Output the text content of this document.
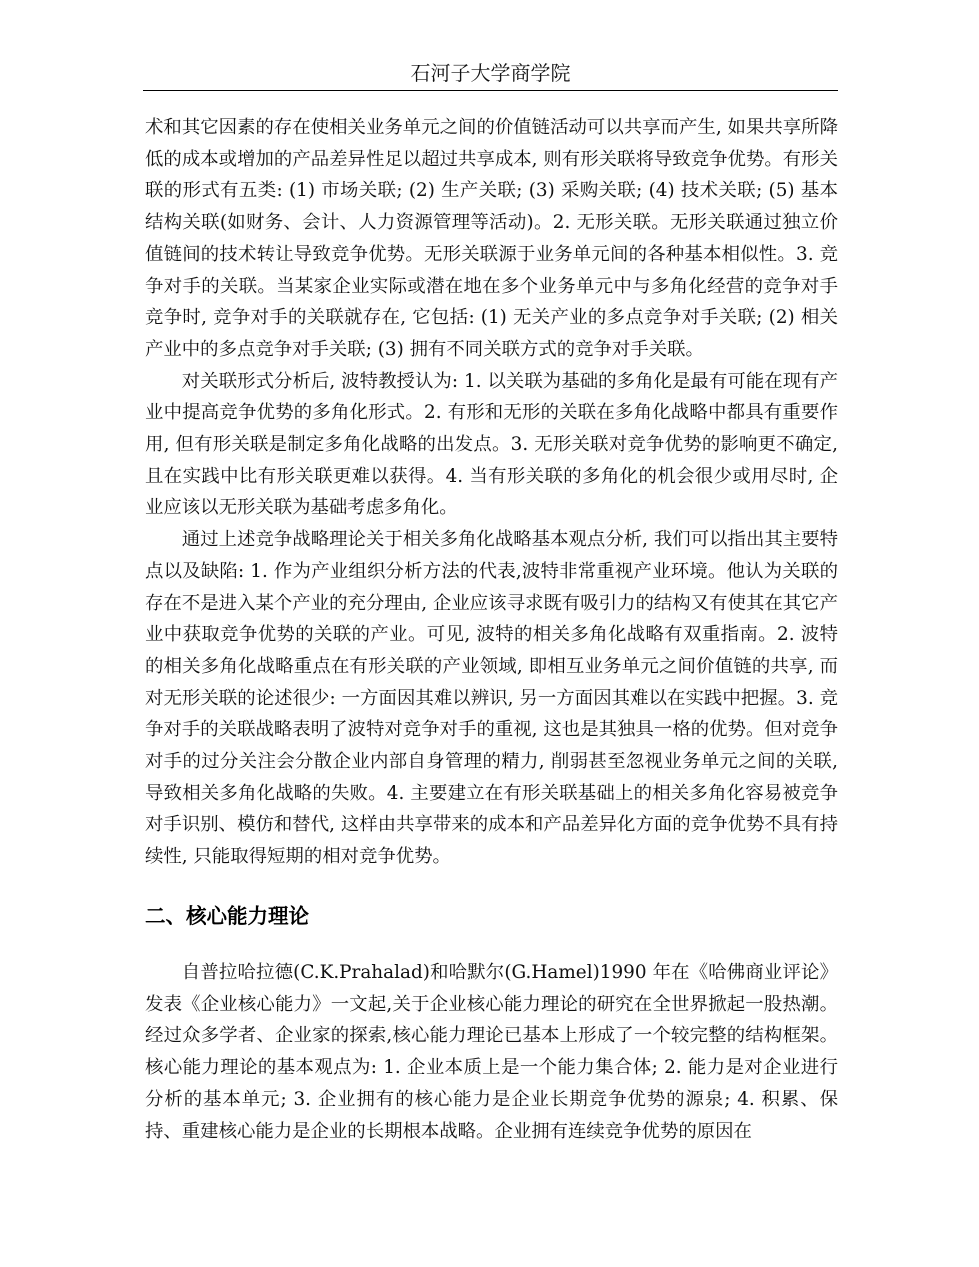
石河子大学商学院

术和其它因素的存在使相关业务单元之间的价值链活动可以共享而产生, 如果共享所降低的成本或增加的产品差异性足以超过共享成本, 则有形关联将导致竞争优势。有形关联的形式有五类: (1) 市场关联; (2) 生产关联; (3) 采购关联; (4) 技术关联; (5) 基本结构关联(如财务、会计、人力资源管理等活动)。2. 无形关联。无形关联通过独立价值链间的技术转让导致竞争优势。无形关联源于业务单元间的各种基本相似性。3. 竞争对手的关联。当某家企业实际或潜在地在多个业务单元中与多角化经营的竞争对手竞争时, 竞争对手的关联就存在, 它包括: (1) 无关产业的多点竞争对手关联; (2) 相关产业中的多点竞争对手关联; (3) 拥有不同关联方式的竞争对手关联。

对关联形式分析后, 波特教授认为: 1. 以关联为基础的多角化是最有可能在现有产业中提高竞争优势的多角化形式。2. 有形和无形的关联在多角化战略中都具有重要作用, 但有形关联是制定多角化战略的出发点。3. 无形关联对竞争优势的影响更不确定, 且在实践中比有形关联更难以获得。4. 当有形关联的多角化的机会很少或用尽时, 企业应该以无形关联为基础考虑多角化。

通过上述竞争战略理论关于相关多角化战略基本观点分析, 我们可以指出其主要特点以及缺陷: 1. 作为产业组织分析方法的代表,波特非常重视产业环境。他认为关联的存在不是进入某个产业的充分理由, 企业应该寻求既有吸引力的结构又有使其在其它产业中获取竞争优势的关联的产业。可见, 波特的相关多角化战略有双重指南。2. 波特的相关多角化战略重点在有形关联的产业领域, 即相互业务单元之间价值链的共享, 而对无形关联的论述很少: 一方面因其难以辨识, 另一方面因其难以在实践中把握。3. 竞争对手的关联战略表明了波特对竞争对手的重视, 这也是其独具一格的优势。但对竞争对手的过分关注会分散企业内部自身管理的精力, 削弱甚至忽视业务单元之间的关联, 导致相关多角化战略的失败。4. 主要建立在有形关联基础上的相关多角化容易被竞争对手识别、模仿和替代, 这样由共享带来的成本和产品差异化方面的竞争优势不具有持续性, 只能取得短期的相对竞争优势。

二、核心能力理论

自普拉哈拉德(C.K.Prahalad)和哈默尔(G.Hamel)1990 年在《哈佛商业评论》发表《企业核心能力》一文起,关于企业核心能力理论的研究在全世界掀起一股热潮。经过众多学者、企业家的探索,核心能力理论已基本上形成了一个较完整的结构框架。核心能力理论的基本观点为: 1. 企业本质上是一个能力集合体; 2. 能力是对企业进行分析的基本单元; 3. 企业拥有的核心能力是企业长期竞争优势的源泉; 4. 积累、保持、重建核心能力是企业的长期根本战略。企业拥有连续竞争优势的原因在
